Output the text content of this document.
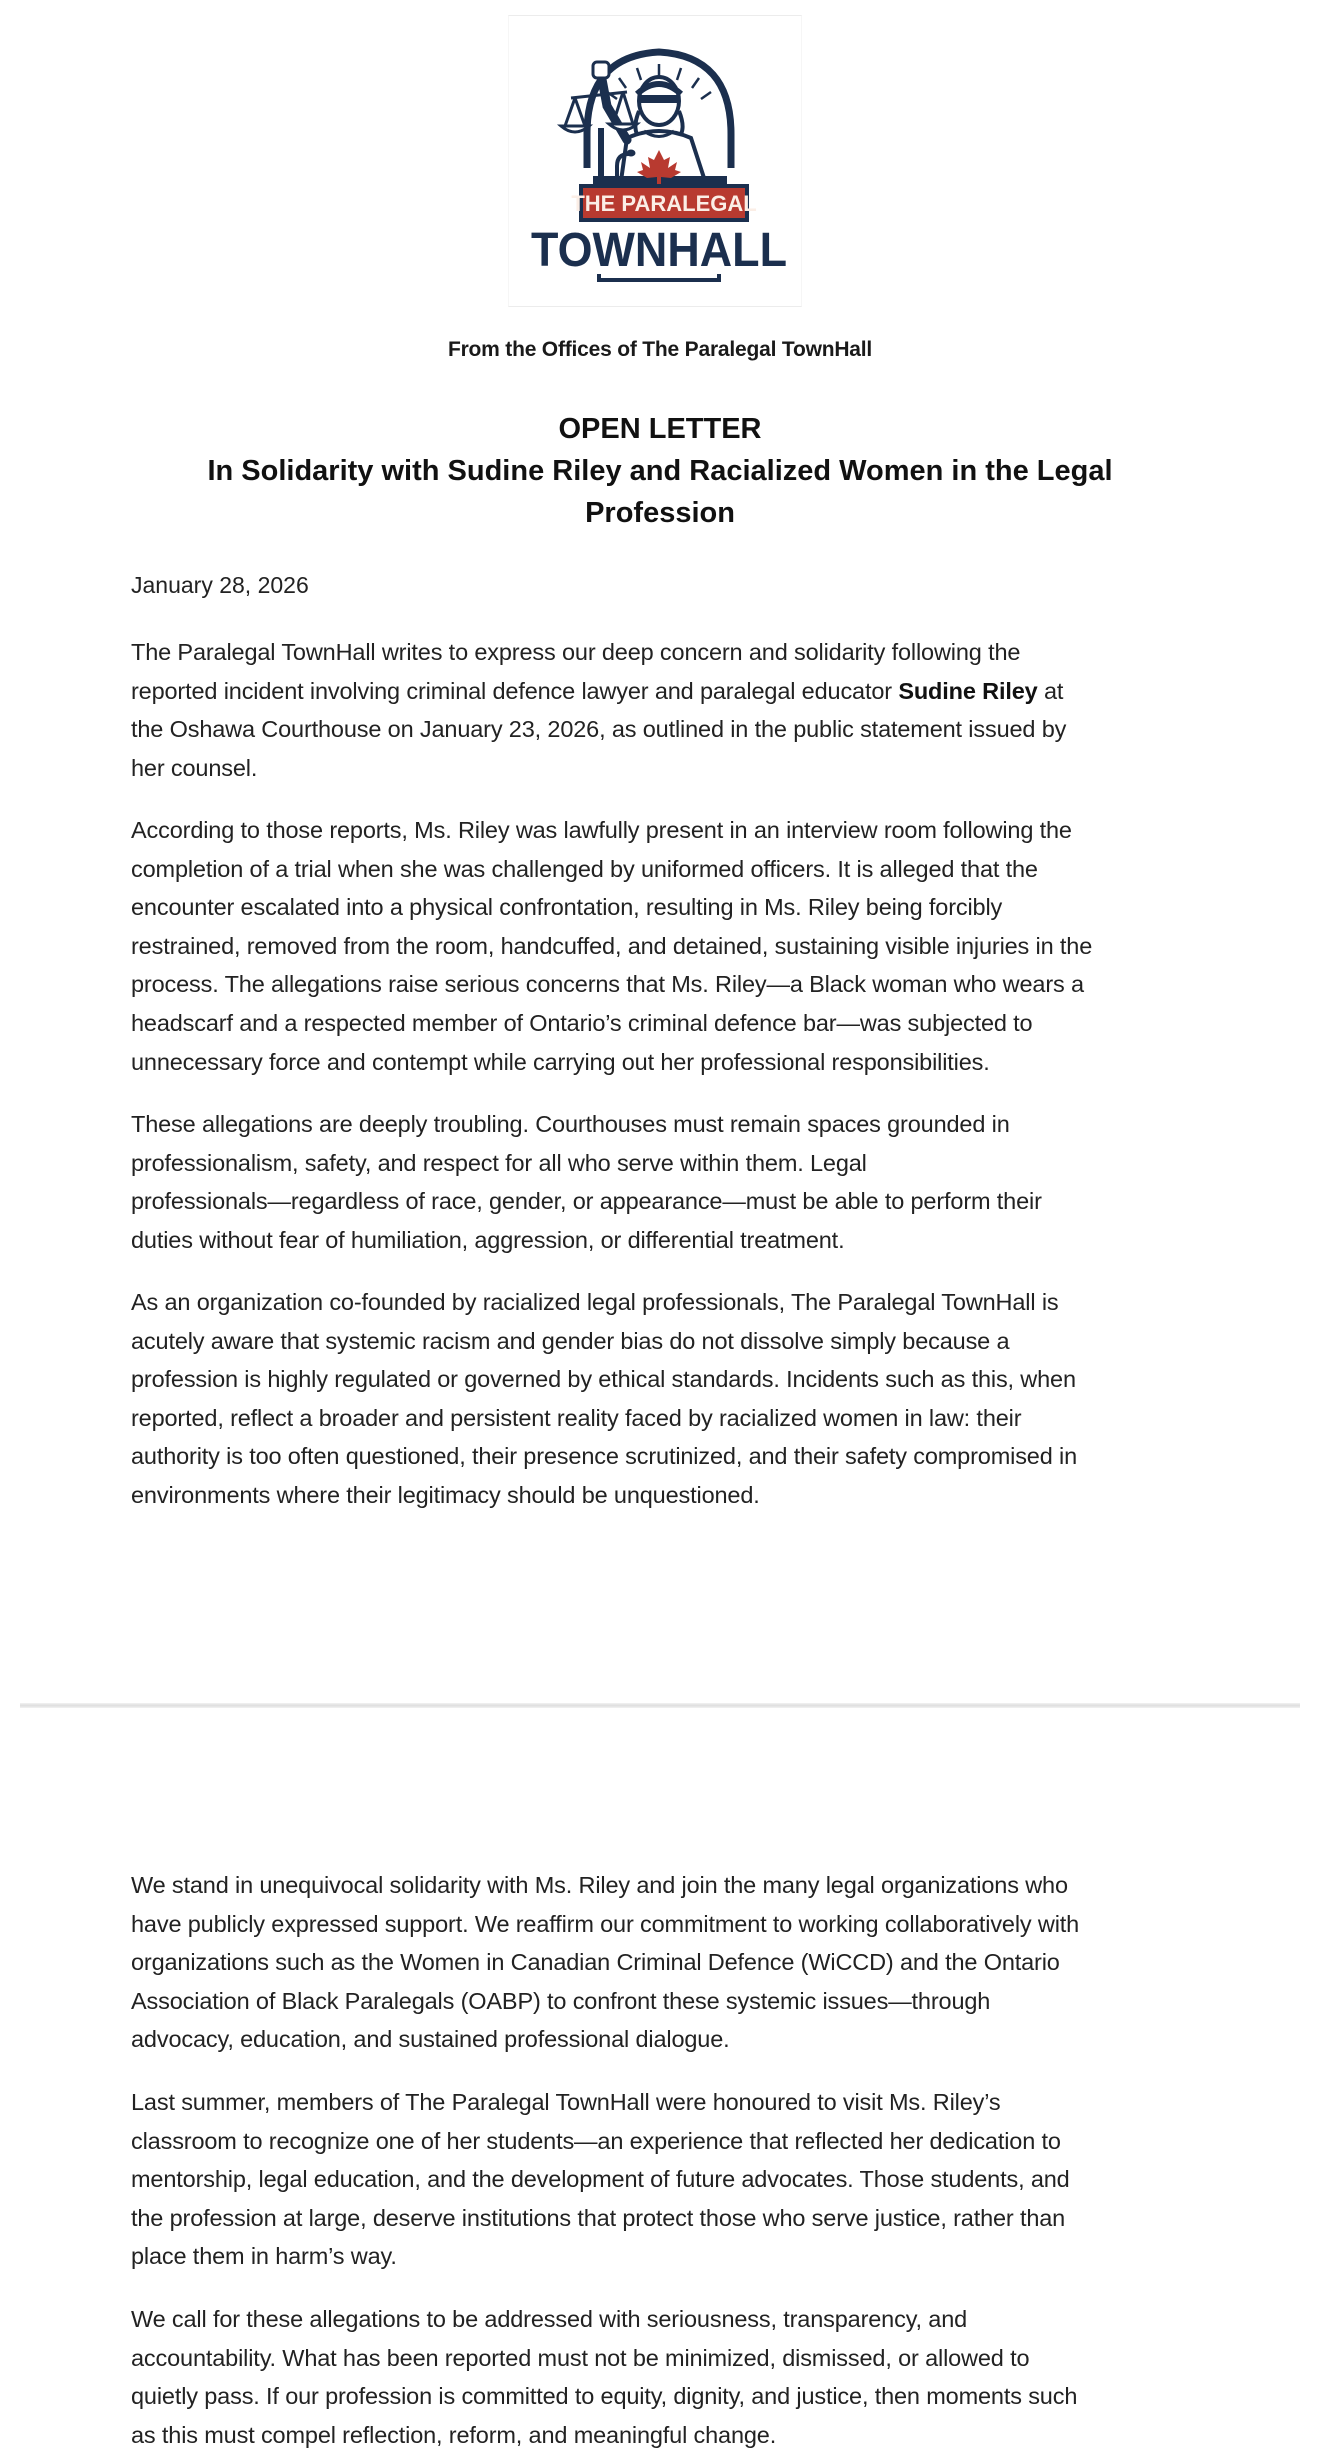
THE PARALEGAL
TOWNHALL
From the Offices of The Paralegal TownHall
OPEN LETTER
In Solidarity with Sudine Riley and Racialized Women in the Legal
Profession
January 28, 2026
The Paralegal TownHall writes to express our deep concern and solidarity following the
reported incident involving criminal defence lawyer and paralegal educator Sudine Riley at
the Oshawa Courthouse on January 23, 2026, as outlined in the public statement issued by
her counsel.
According to those reports, Ms. Riley was lawfully present in an interview room following the
completion of a trial when she was challenged by uniformed officers. It is alleged that the
encounter escalated into a physical confrontation, resulting in Ms. Riley being forcibly
restrained, removed from the room, handcuffed, and detained, sustaining visible injuries in the
process. The allegations raise serious concerns that Ms. Riley—a Black woman who wears a
headscarf and a respected member of Ontario’s criminal defence bar—was subjected to
unnecessary force and contempt while carrying out her professional responsibilities.
These allegations are deeply troubling. Courthouses must remain spaces grounded in
professionalism, safety, and respect for all who serve within them. Legal
professionals—regardless of race, gender, or appearance—must be able to perform their
duties without fear of humiliation, aggression, or differential treatment.
As an organization co-founded by racialized legal professionals, The Paralegal TownHall is
acutely aware that systemic racism and gender bias do not dissolve simply because a
profession is highly regulated or governed by ethical standards. Incidents such as this, when
reported, reflect a broader and persistent reality faced by racialized women in law: their
authority is too often questioned, their presence scrutinized, and their safety compromised in
environments where their legitimacy should be unquestioned.
We stand in unequivocal solidarity with Ms. Riley and join the many legal organizations who
have publicly expressed support. We reaffirm our commitment to working collaboratively with
organizations such as the Women in Canadian Criminal Defence (WiCCD) and the Ontario
Association of Black Paralegals (OABP) to confront these systemic issues—through
advocacy, education, and sustained professional dialogue.
Last summer, members of The Paralegal TownHall were honoured to visit Ms. Riley’s
classroom to recognize one of her students—an experience that reflected her dedication to
mentorship, legal education, and the development of future advocates. Those students, and
the profession at large, deserve institutions that protect those who serve justice, rather than
place them in harm’s way.
We call for these allegations to be addressed with seriousness, transparency, and
accountability. What has been reported must not be minimized, dismissed, or allowed to
quietly pass. If our profession is committed to equity, dignity, and justice, then moments such
as this must compel reflection, reform, and meaningful change.
